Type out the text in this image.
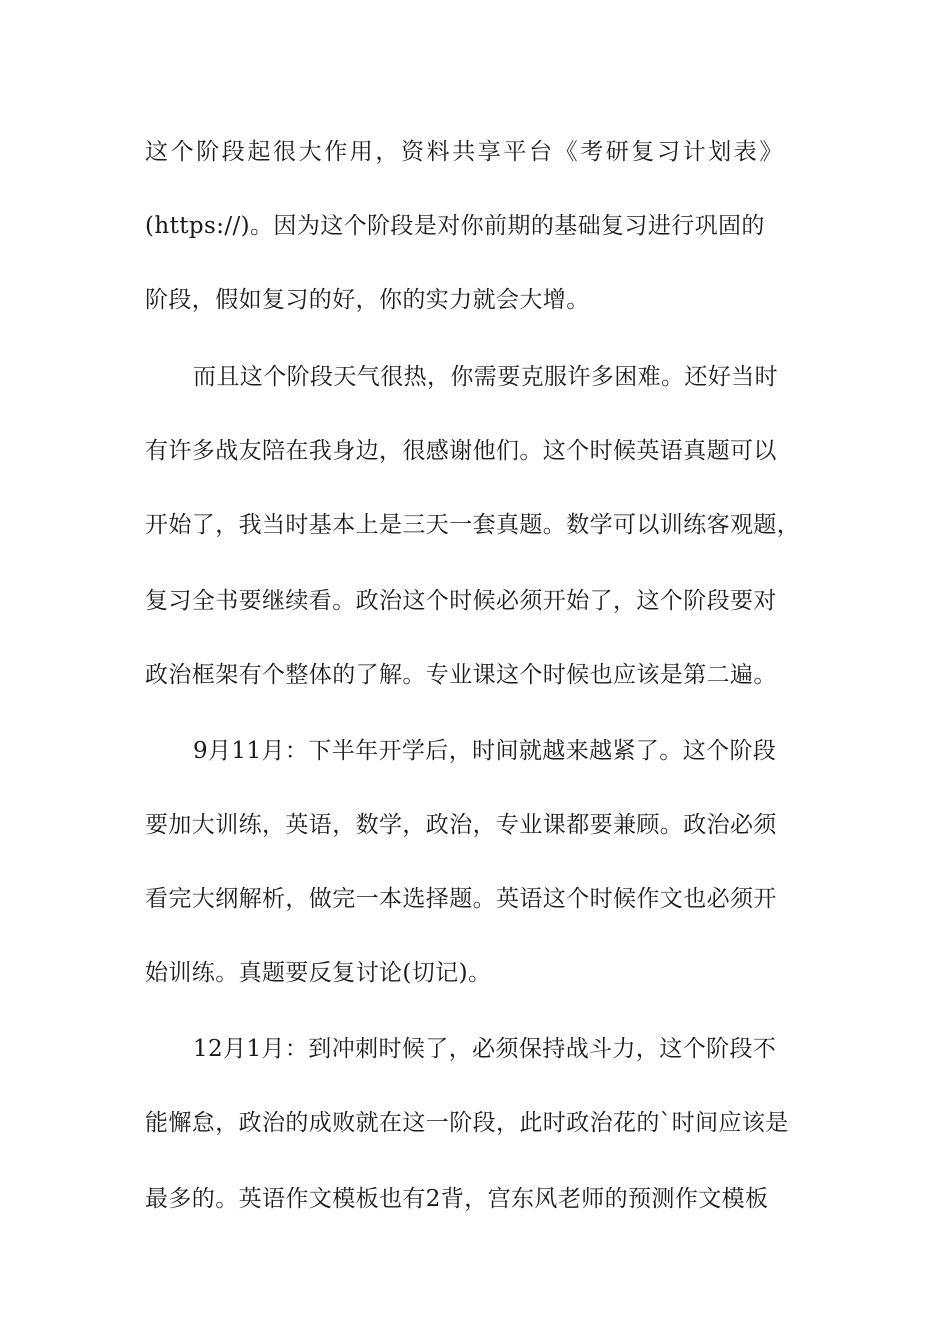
这个阶段起很大作用，资料共享平台《考研复习计划表》
(https://)。因为这个阶段是对你前期的基础复习进行巩固的
阶段，假如复习的好，你的实力就会大增。
而且这个阶段天气很热，你需要克服许多困难。还好当时
有许多战友陪在我身边，很感谢他们。这个时候英语真题可以
开始了，我当时基本上是三天一套真题。数学可以训练客观题，
复习全书要继续看。政治这个时候必须开始了，这个阶段要对
政治框架有个整体的了解。专业课这个时候也应该是第二遍。
9月11月：下半年开学后，时间就越来越紧了。这个阶段
要加大训练，英语，数学，政治，专业课都要兼顾。政治必须
看完大纲解析，做完一本选择题。英语这个时候作文也必须开
始训练。真题要反复讨论(切记)。
12月1月：到冲刺时候了，必须保持战斗力，这个阶段不
能懈怠，政治的成败就在这一阶段，此时政治花的`时间应该是
最多的。英语作文模板也有2背，宫东风老师的预测作文模板
